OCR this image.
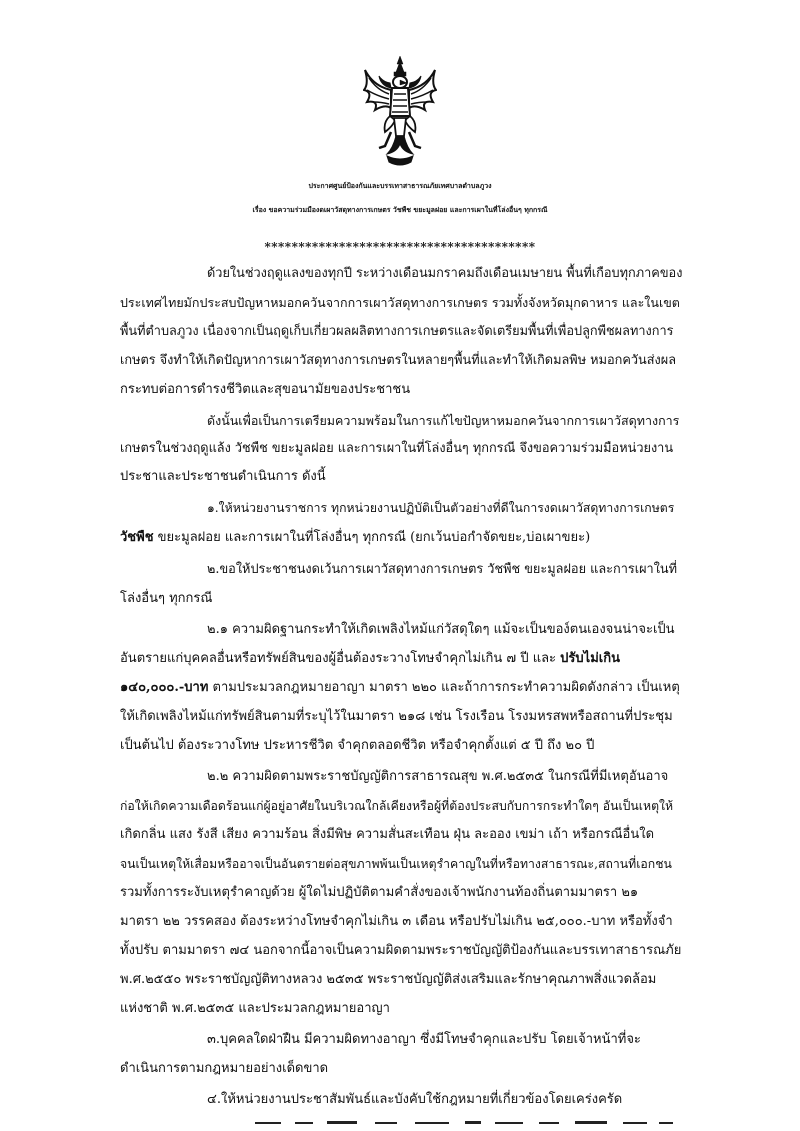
ประกาศศูนย์ป้องกันและบรรเทาสาธารณภัยเทศบาลตำบลภูวง
เรื่อง ขอความร่วมมืองดเผาวัสดุทางการเกษตร วัชพืช ขยะมูลฝอย และการเผาในที่โล่งอื่นๆ ทุกกรณี
****************************************
ด้วยในช่วงฤดูแลงของทุกปี ระหว่างเดือนมกราคมถึงเดือนเมษายน พื้นที่เกือบทุกภาคของ
ประเทศไทยมักประสบปัญหาหมอกควันจากการเผาวัสดุทางการเกษตร รวมทั้งจังหวัดมุกดาหาร และในเขต
พื้นที่ตำบลภูวง เนื่องจากเป็นฤดูเก็บเกี่ยวผลผลิตทางการเกษตรและจัดเตรียมพื้นที่เพื่อปลูกพืชผลทางการ
เกษตร จึงทำให้เกิดปัญหาการเผาวัสดุทางการเกษตรในหลายๆพื้นที่และทำให้เกิดมลพิษ หมอกควันส่งผล
กระทบต่อการดำรงชีวิตและสุขอนามัยของประชาชน
ดังนั้นเพื่อเป็นการเตรียมความพร้อมในการแก้ไขปัญหาหมอกควันจากการเผาวัสดุทางการ
เกษตรในช่วงฤดูแล้ง วัชพืช ขยะมูลฝอย และการเผาในที่โล่งอื่นๆ ทุกกรณี จึงขอความร่วมมือหน่วยงาน
ประชาและประชาชนดำเนินการ ดังนี้
๑.ให้หน่วยงานราชการ ทุกหน่วยงานปฏิบัติเป็นตัวอย่างที่ดีในการงดเผาวัสดุทางการเกษตร
วัชพืช ขยะมูลฝอย และการเผาในที่โล่งอื่นๆ ทุกกรณี (ยกเว้นบ่อกำจัดขยะ,บ่อเผาขยะ)
๒.ขอให้ประชาชนงดเว้นการเผาวัสดุทางการเกษตร วัชพืช ขยะมูลฝอย และการเผาในที่
โล่งอื่นๆ ทุกกรณี
๒.๑ ความผิดฐานกระทำให้เกิดเพลิงไหม้แก่วัสดุใดๆ แม้จะเป็นของ์ตนเองจนน่าจะเป็น
อันตรายแก่บุคคลอื่นหรือทรัพย์สินของผู้อื่นต้องระวางโทษจำคุกไม่เกิน ๗ ปี และ ปรับไม่เกิน
๑๔๐,๐๐๐.-บาท ตามประมวลกฎหมายอาญา มาตรา ๒๒๐ และถ้าการกระทำความผิดดังกล่าว เป็นเหตุ
ให้เกิดเพลิงไหม้แก่ทรัพย์สินตามที่ระบุไว้ในมาตรา ๒๑๘ เช่น โรงเรือน โรงมหรสพหรือสถานที่ประชุม
เป็นต้นไป ต้องระวางโทษ ประหารชีวิต จำคุกตลอดชีวิต หรือจำคุกตั้งแต่ ๕ ปี ถึง ๒๐ ปี
๒.๒ ความผิดตามพระราชบัญญัติการสาธารณสุข พ.ศ.๒๕๓๕ ในกรณีที่มีเหตุอันอาจ
ก่อให้เกิดความเดือดร้อนแก่ผู้อยู่อาศัยในบริเวณใกล้เคียงหรือผู้ที่ต้องประสบกับการกระทำใดๆ อันเป็นเหตุให้
เกิดกลิ่น แสง รังสี เสียง ความร้อน สิ่งมีพิษ ความสั่นสะเทือน ฝุ่น ละออง เขม่า เถ้า หรือกรณีอื่นใด
จนเป็นเหตุให้เสื่อมหรืออาจเป็นอันตรายต่อสุขภาพพ้นเป็นเหตุรำคาญในที่หรือทางสาธารณะ,สถานที่เอกชน
รวมทั้งการระงับเหตุรำคาญด้วย ผู้ใดไม่ปฏิบัติตามคำสั่งของเจ้าพนักงานท้องถิ่นตามมาตรา ๒๑
มาตรา ๒๒ วรรคสอง ต้องระหว่างโทษจำคุกไม่เกิน ๓ เดือน หรือปรับไม่เกิน ๒๕,๐๐๐.-บาท หรือทั้งจำ
ทั้งปรับ ตามมาตรา ๗๔ นอกจากนี้อาจเป็นความผิดตามพระราชบัญญัติป้องกันและบรรเทาสาธารณภัย
พ.ศ.๒๕๕๐ พระราชบัญญัติทางหลวง ๒๕๓๕ พระราชบัญญัติส่งเสริมและรักษาคุณภาพสิ่งแวดล้อม
แห่งชาติ พ.ศ.๒๕๓๕ และประมวลกฎหมายอาญา
๓.บุคคลใดฝ่าฝืน มีความผิดทางอาญา ซึ่งมีโทษจำคุกและปรับ โดยเจ้าหน้าที่จะ
ดำเนินการตามกฎหมายอย่างเด็ดขาด
๔.ให้หน่วยงานประชาสัมพันธ์และบังคับใช้กฎหมายที่เกี่ยวข้องโดยเคร่งครัด
